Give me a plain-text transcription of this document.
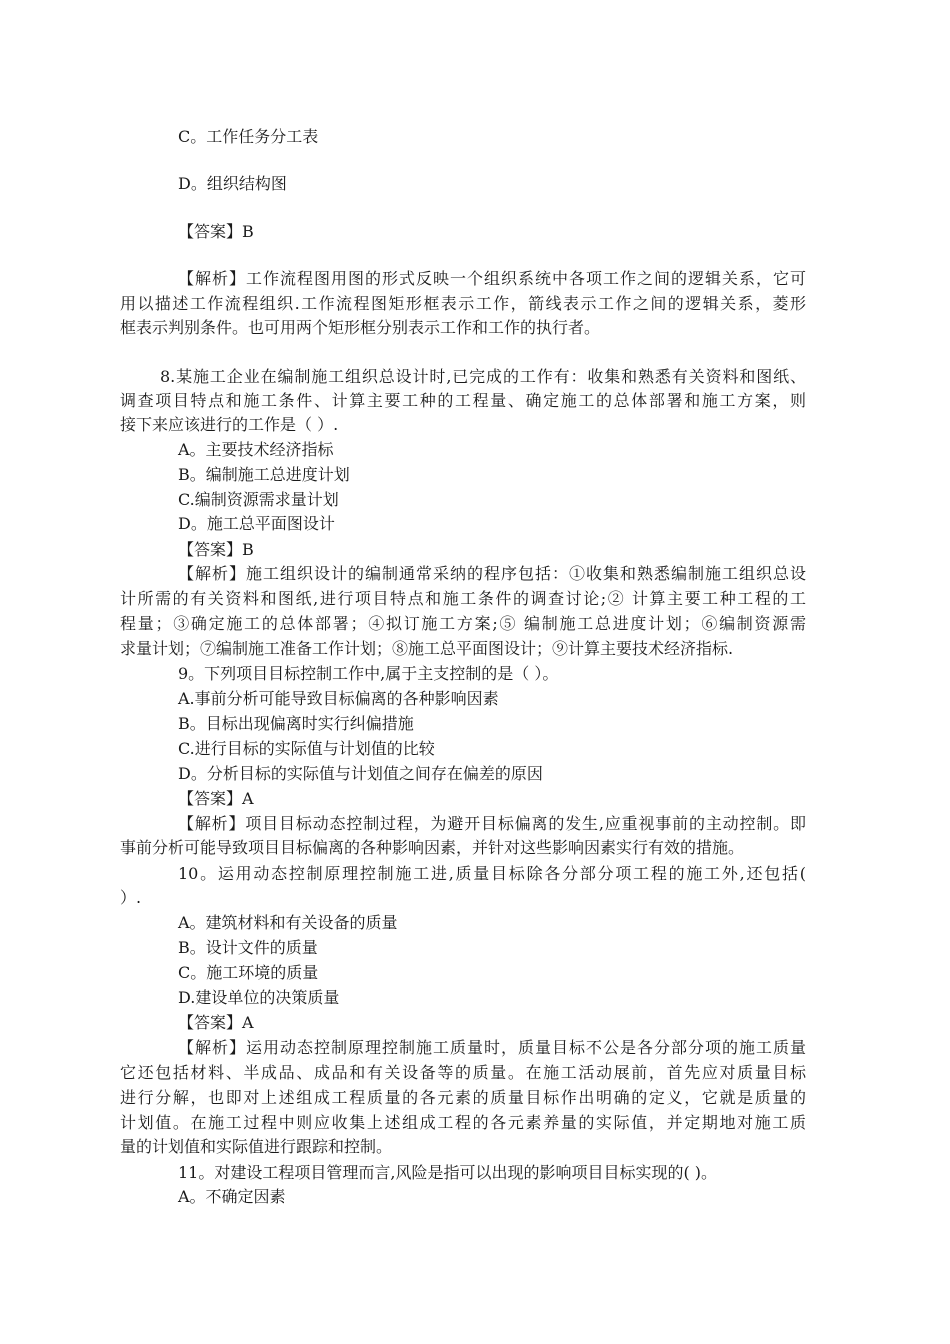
C。工作任务分工表
D。组织结构图
【答案】B
【解析】工作流程图用图的形式反映一个组织系统中各项工作之间的逻辑关系，它可
用以描述工作流程组织.工作流程图矩形框表示工作，箭线表示工作之间的逻辑关系，菱形
框表示判别条件。也可用两个矩形框分别表示工作和工作的执行者。
8.某施工企业在编制施工组织总设计时,已完成的工作有：收集和熟悉有关资料和图纸、
调查项目特点和施工条件、计算主要工种的工程量、确定施工的总体部署和施工方案，则
接下来应该进行的工作是（ ）.
A。主要技术经济指标
B。编制施工总进度计划
C.编制资源需求量计划
D。施工总平面图设计
【答案】B
【解析】施工组织设计的编制通常采纳的程序包括：①收集和熟悉编制施工组织总设
计所需的有关资料和图纸,进行项目特点和施工条件的调查讨论;② 计算主要工种工程的工
程量；③确定施工的总体部署；④拟订施工方案;⑤ 编制施工总进度计划；⑥编制资源需
求量计划；⑦编制施工准备工作计划；⑧施工总平面图设计；⑨计算主要技术经济指标.
9。下列项目目标控制工作中,属于主支控制的是（ ）。
A.事前分析可能导致目标偏离的各种影响因素
B。目标出现偏离时实行纠偏措施
C.进行目标的实际值与计划值的比较
D。分析目标的实际值与计划值之间存在偏差的原因
【答案】A
【解析】项目目标动态控制过程，为避开目标偏离的发生,应重视事前的主动控制。即
事前分析可能导致项目目标偏离的各种影响因素，并针对这些影响因素实行有效的措施。
10。运用动态控制原理控制施工进,质量目标除各分部分项工程的施工外,还包括(
）.
A。建筑材料和有关设备的质量
B。设计文件的质量
C。施工环境的质量
D.建设单位的决策质量
【答案】A
【解析】运用动态控制原理控制施工质量时，质量目标不公是各分部分项的施工质量
它还包括材料、半成品、成品和有关设备等的质量。在施工活动展前，首先应对质量目标
进行分解，也即对上述组成工程质量的各元素的质量目标作出明确的定义，它就是质量的
计划值。在施工过程中则应收集上述组成工程的各元素养量的实际值，并定期地对施工质
量的计划值和实际值进行跟踪和控制。
11。对建设工程项目管理而言,风险是指可以出现的影响项目目标实现的( )。
A。不确定因素
